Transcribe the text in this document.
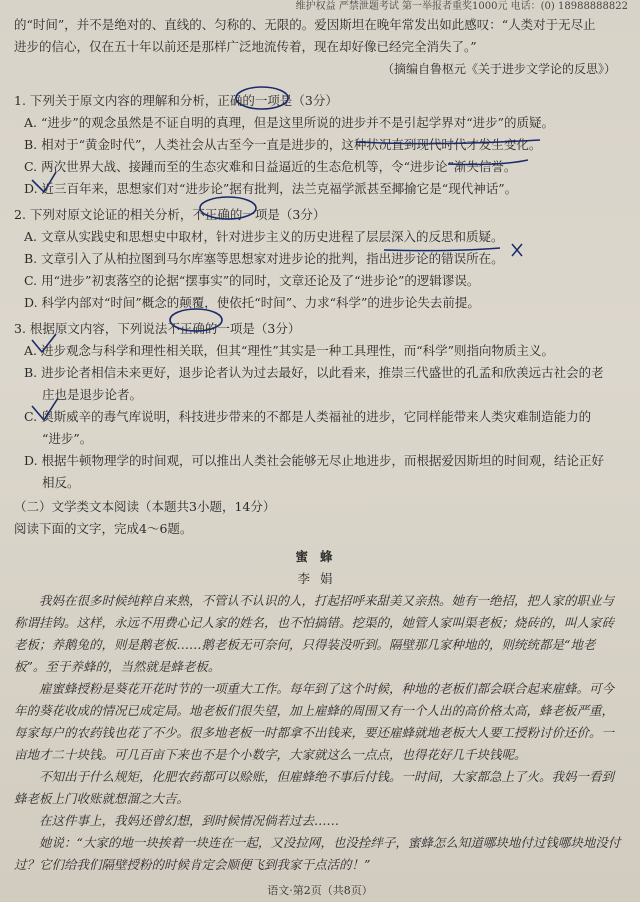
维护权益 严禁泄题考试 第一举报者重奖1000元 电话：(0) 18988888822
的“时间”，并不是绝对的、直线的、匀称的、无限的。爱因斯坦在晚年常发出如此感叹：“人类对于无尽止
进步的信心，仅在五十年以前还是那样广泛地流传着，现在却好像已经完全消失了。”
（摘编自鲁枢元《关于进步文学论的反思》）
1. 下列关于原文内容的理解和分析，正确的一项是（3分）
A. “进步”的观念虽然是不证自明的真理，但是这里所说的进步并不是引起学界对“进步”的质疑。
B. 相对于“黄金时代”，人类社会从古至今一直是进步的，这种状况直到现代时代才发生变化。
C. 两次世界大战、接踵而至的生态灾难和日益逼近的生态危机等，令“进步论”渐失信誉。
D. 近三百年来，思想家们对“进步论”据有批判，法兰克福学派甚至揶揄它是“现代神话”。
2. 下列对原文论证的相关分析，不正确的一项是（3分）
A. 文章从实践史和思想史中取材，针对进步主义的历史进程了层层深入的反思和质疑。
B. 文章引入了从柏拉图到马尔库塞等思想家对进步论的批判，指出进步论的错误所在。
C. 用“进步”初衷落空的论据“摆事实”的同时，文章还论及了“进步论”的逻辑谬误。
D. 科学内部对“时间”概念的颠覆，使依托“时间”、力求“科学”的进步论失去前提。
3. 根据原文内容，下列说法不正确的一项是（3分）
A. 进步观念与科学和理性相关联，但其“理性”其实是一种工具理性，而“科学”则指向物质主义。
B. 进步论者相信未来更好，退步论者认为过去最好，以此看来，推崇三代盛世的孔孟和欣羡远古社会的老
庄也是退步论者。
C. 奥斯威辛的毒气库说明，科技进步带来的不都是人类福祉的进步，它同样能带来人类灾难制造能力的
“进步”。
D. 根据牛顿物理学的时间观，可以推出人类社会能够无尽止地进步，而根据爱因斯坦的时间观，结论正好
相反。
（二）文学类文本阅读（本题共3小题，14分）
阅读下面的文字，完成4～6题。
蜜蜂
李娟

我妈在很多时候纯粹自来熟，不管认不认识的人，打起招呼来甜美又亲热。她有一绝招，把人家的职业与称谓挂钩。这样，永远不用费心记人家的姓名，也不怕搞错。挖渠的，她管人家叫渠老板；烧砖的，叫人家砖老板；养鹅兔的，则是鹅老板……鹅老板无可奈何，只得装没听到。隔壁那几家种地的，则统统都是“地老板”。至于养蜂的，当然就是蜂老板。

雇蜜蜂授粉是葵花开花时节的一项重大工作。每年到了这个时候，种地的老板们都会联合起来雇蜂。可今年的葵花收成的情况已成定局。地老板们很失望，加上雇蜂的周围又有一个人出的高价格太高，蜂老板严重，每家每户的农药钱也花了不少。很多地老板一时都拿不出钱来，要还雇蜂就地老板大人要工授粉讨价还价。一亩地才二十块钱。可几百亩下来也不是个小数字，大家就这么一点点，也得花好几千块钱呢。

不知出于什么规矩，化肥农药都可以赊账，但雇蜂绝不事后付钱。一时间，大家都急上了火。我妈一看到蜂老板上门收账就想溜之大吉。

在这件事上，我妈还曾幻想，到时候情况倘若过去……

她说：“大家的地一块挨着一块连在一起，又没拉网，也没拴绊子，蜜蜂怎么知道哪块地付过钱哪块地没付过？它们给我们隔壁授粉的时候肯定会顺便飞到我家干点活的！”

语文·第2页（共8页）
